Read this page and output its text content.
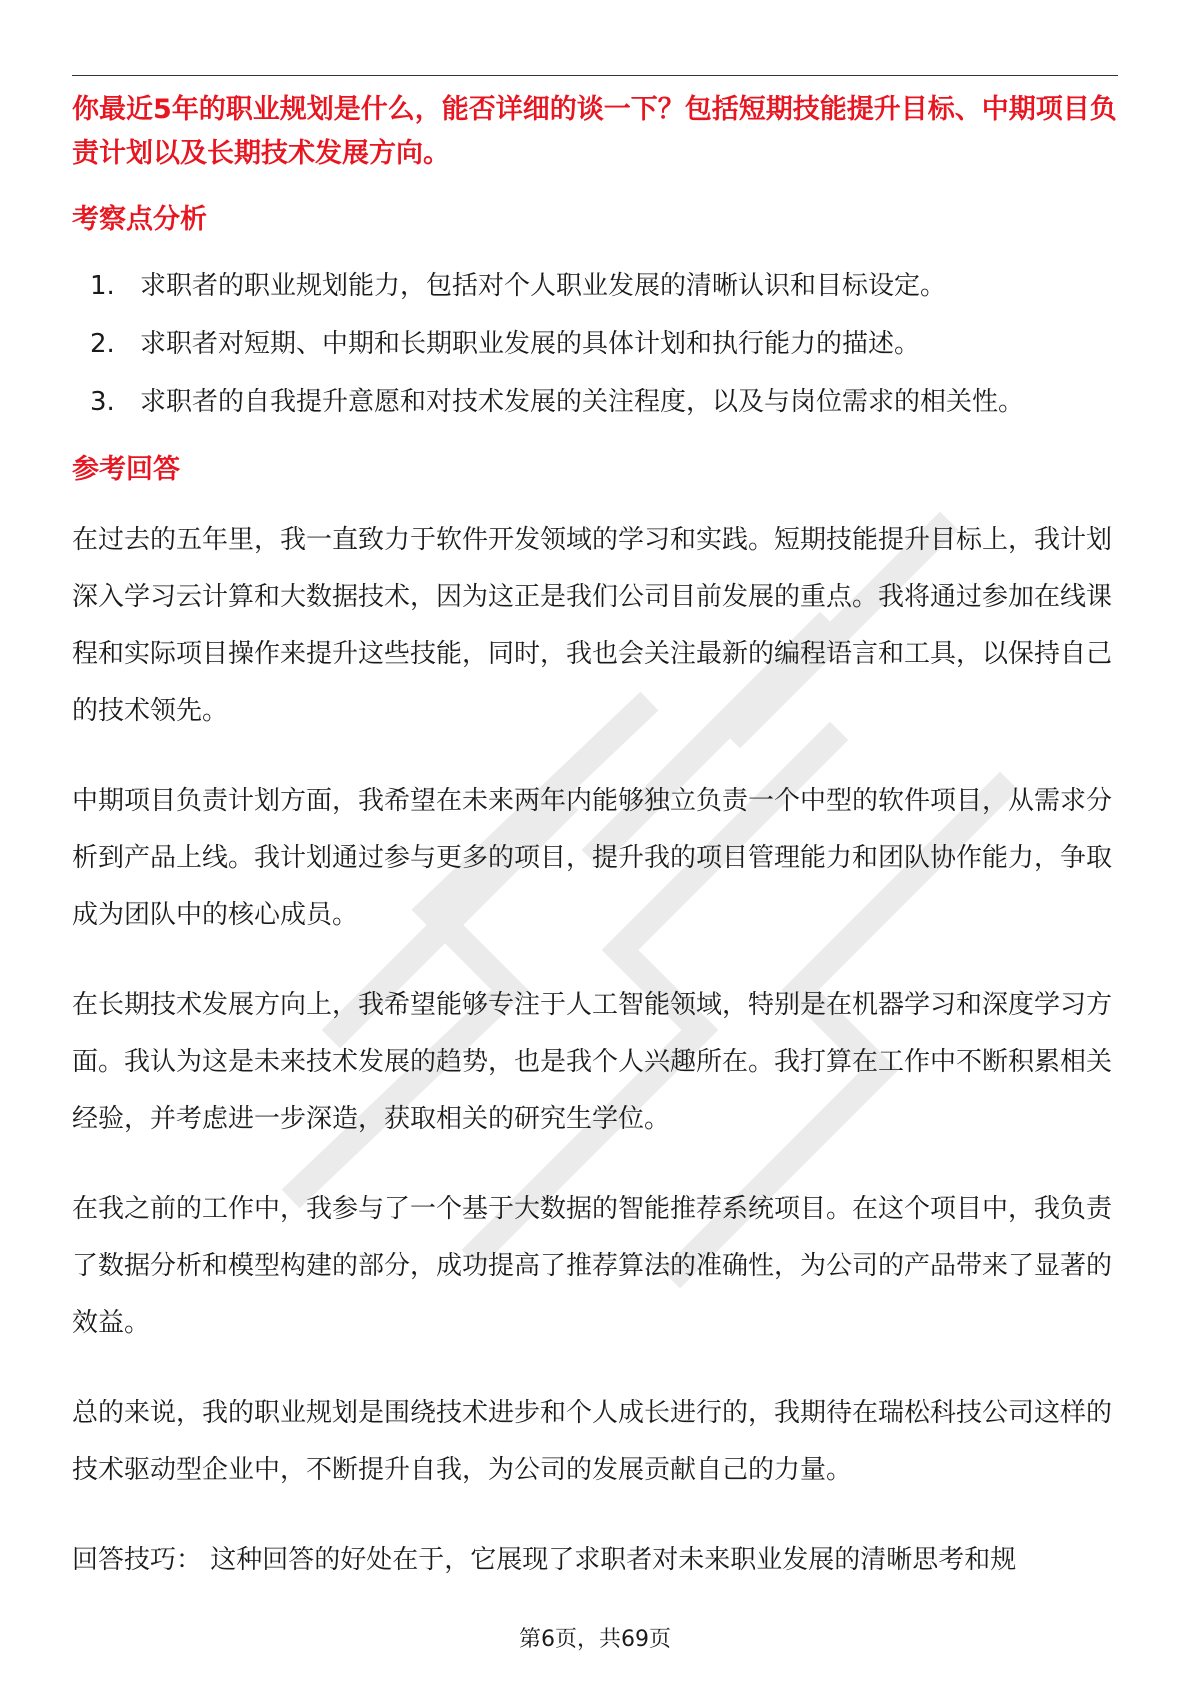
你最近5年的职业规划是什么，能否详细的谈一下？包括短期技能提升目标、中期项目负责计划以及长期技术发展方向。

考察点分析

1. 求职者的职业规划能力，包括对个人职业发展的清晰认识和目标设定。
2. 求职者对短期、中期和长期职业发展的具体计划和执行能力的描述。
3. 求职者的自我提升意愿和对技术发展的关注程度，以及与岗位需求的相关性。

参考回答

在过去的五年里，我一直致力于软件开发领域的学习和实践。短期技能提升目标上，我计划深入学习云计算和大数据技术，因为这正是我们公司目前发展的重点。我将通过参加在线课程和实际项目操作来提升这些技能，同时，我也会关注最新的编程语言和工具，以保持自己的技术领先。

中期项目负责计划方面，我希望在未来两年内能够独立负责一个中型的软件项目，从需求分析到产品上线。我计划通过参与更多的项目，提升我的项目管理能力和团队协作能力，争取成为团队中的核心成员。

在长期技术发展方向上，我希望能够专注于人工智能领域，特别是在机器学习和深度学习方面。我认为这是未来技术发展的趋势，也是我个人兴趣所在。我打算在工作中不断积累相关经验，并考虑进一步深造，获取相关的研究生学位。

在我之前的工作中，我参与了一个基于大数据的智能推荐系统项目。在这个项目中，我负责了数据分析和模型构建的部分，成功提高了推荐算法的准确性，为公司的产品带来了显著的效益。

总的来说，我的职业规划是围绕技术进步和个人成长进行的，我期待在瑞松科技公司这样的技术驱动型企业中，不断提升自我，为公司的发展贡献自己的力量。

回答技巧： 这种回答的好处在于，它展现了求职者对未来职业发展的清晰思考和规

第6页，共69页
